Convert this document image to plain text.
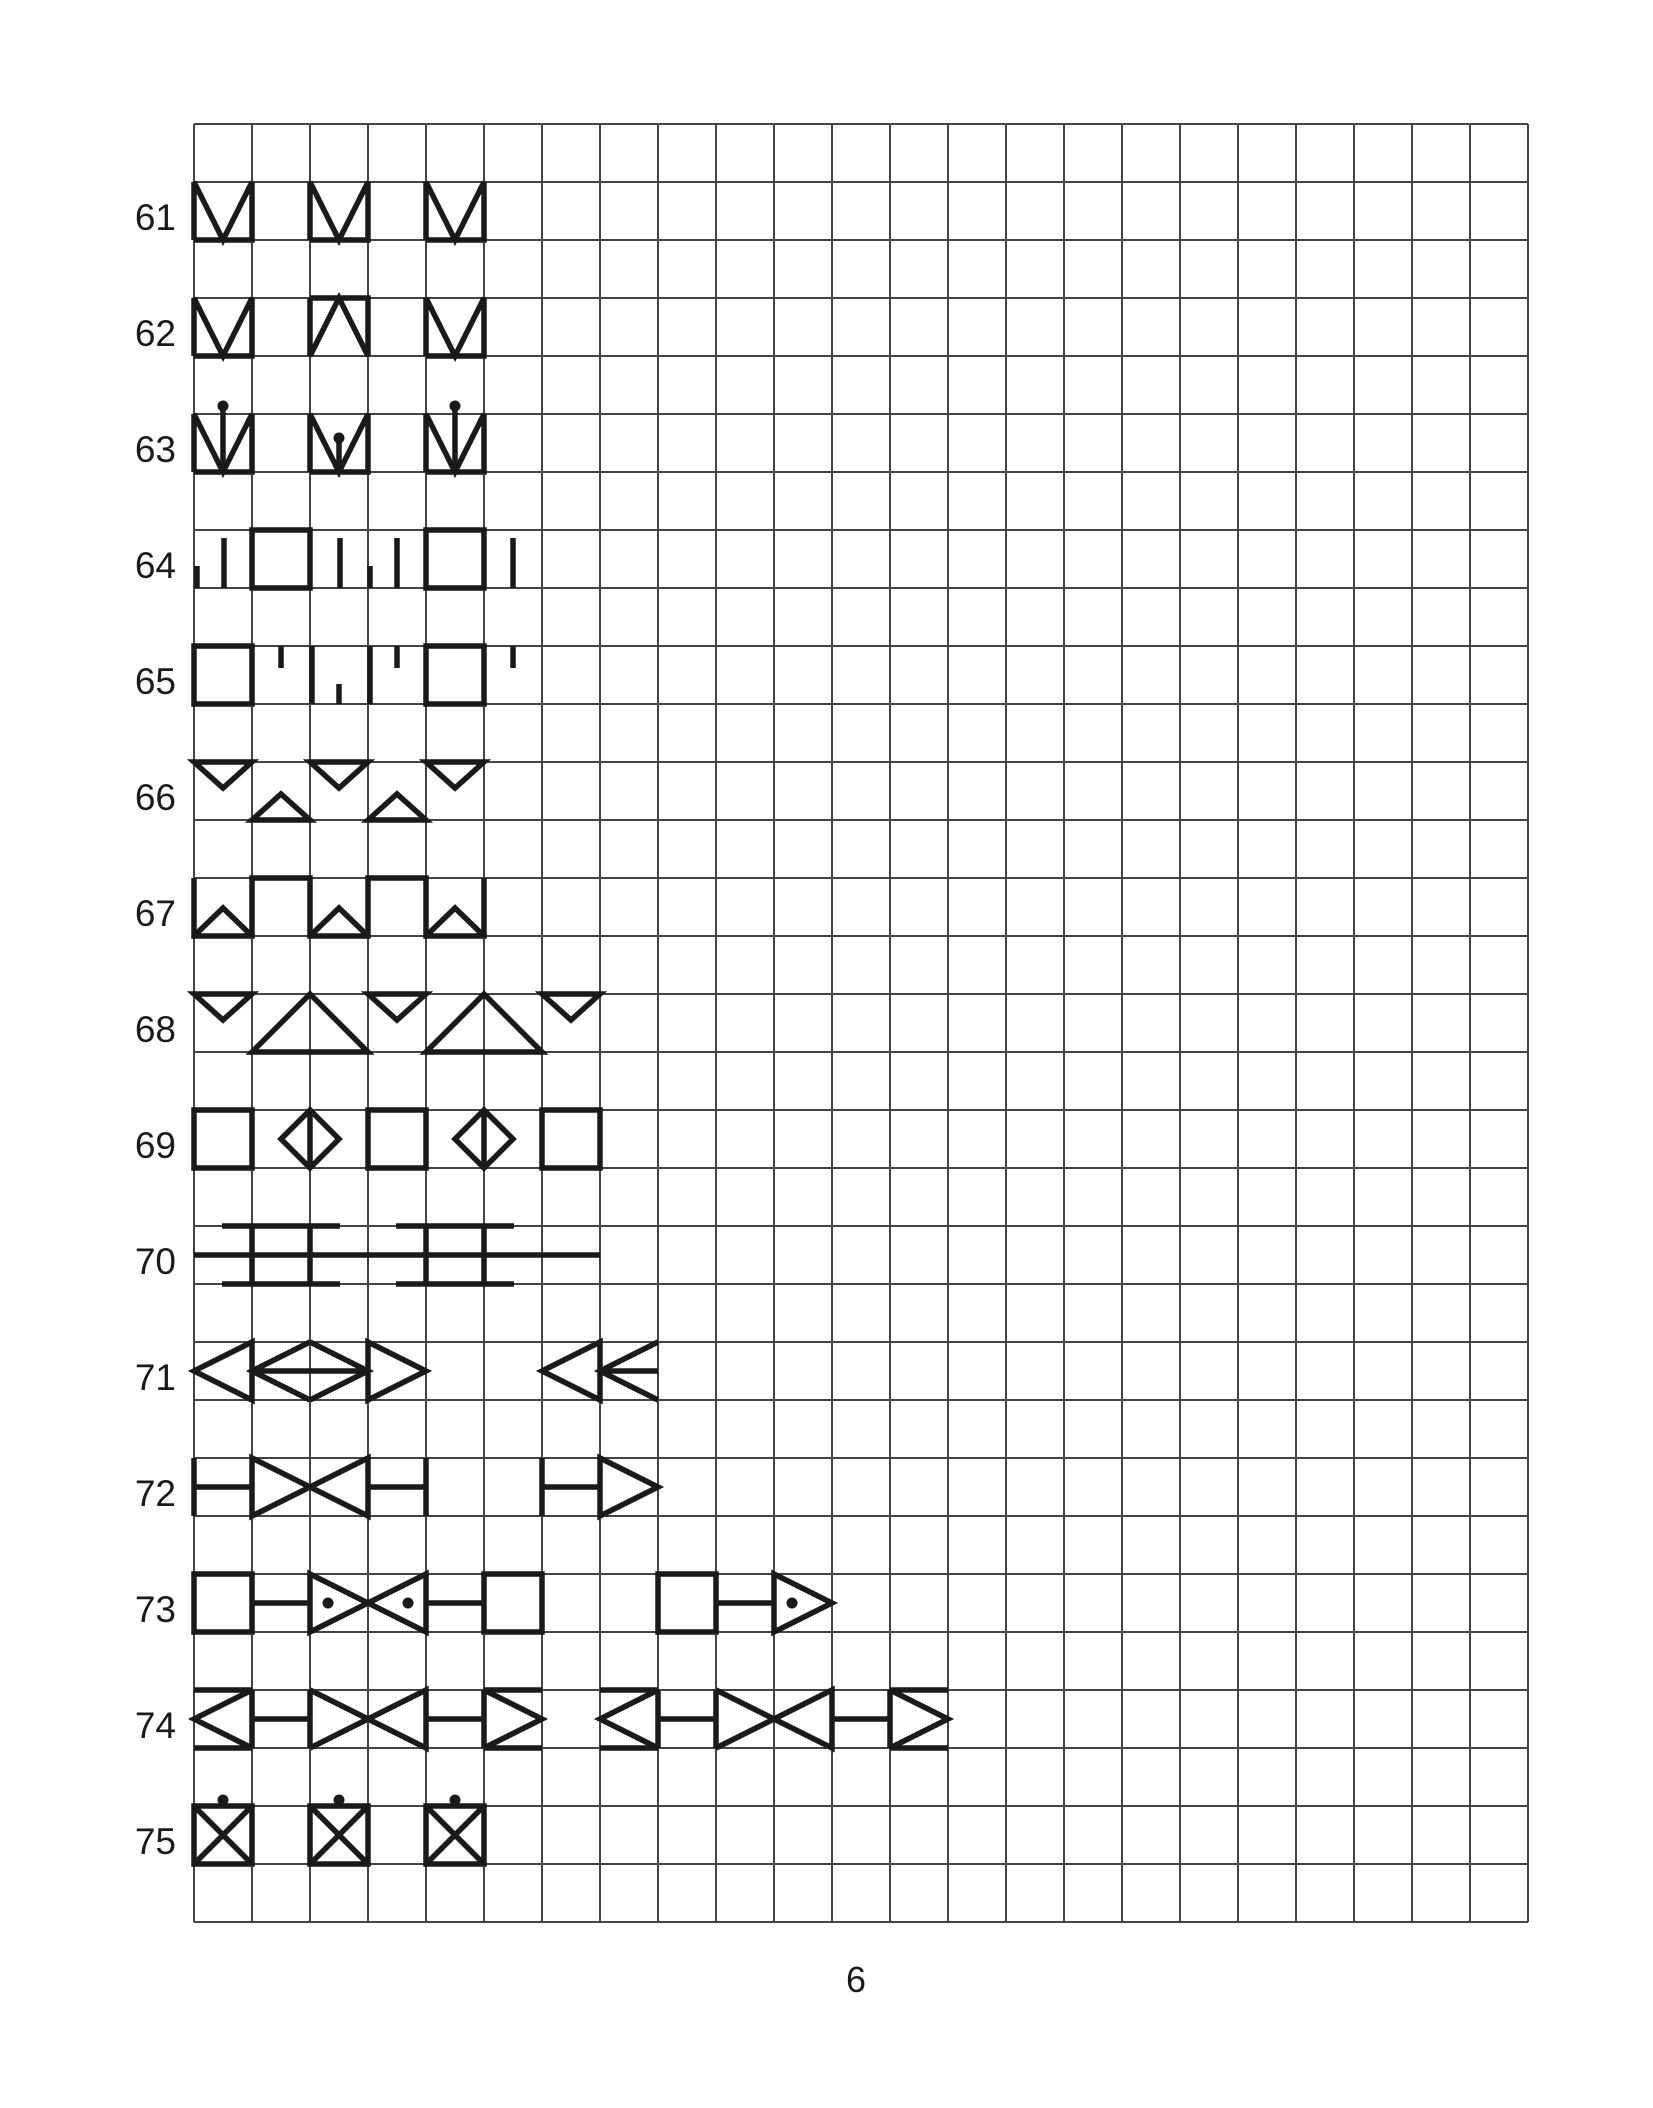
61
62
63
64
65
66
67
68
69
70
71
72
73
74
75
6
